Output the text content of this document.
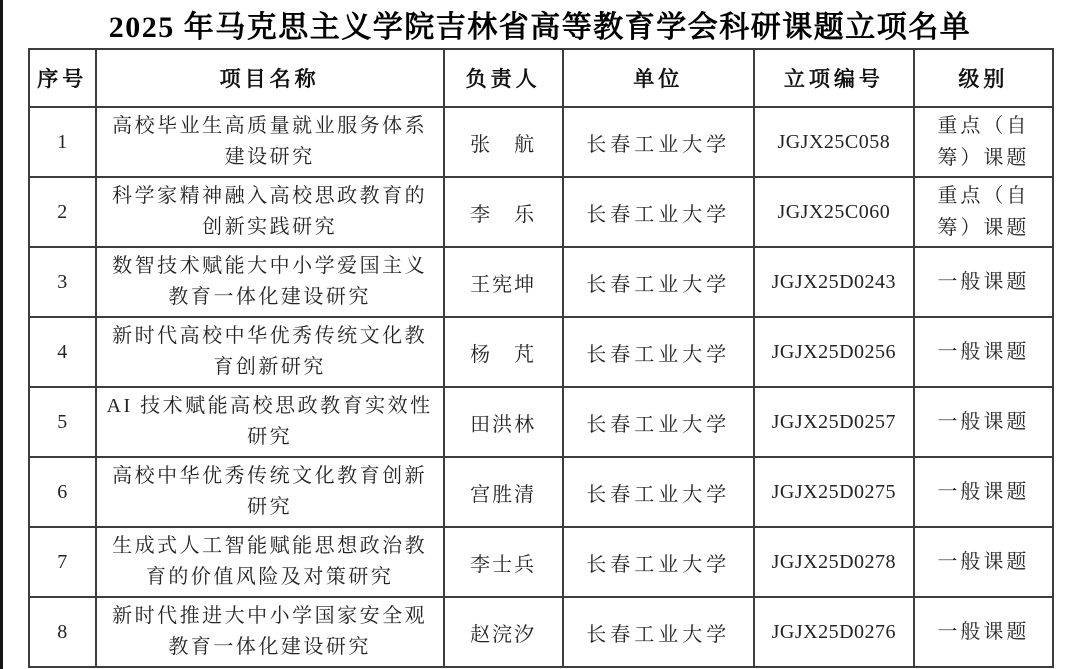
2025 年马克思主义学院吉林省高等教育学会科研课题立项名单
序号	项目名称	负责人	单位	立项编号	级别
1	高校毕业生高质量就业服务体系建设研究	张　航	长春工业大学	JGJX25C058	重点（自筹）课题
2	科学家精神融入高校思政教育的创新实践研究	李　乐	长春工业大学	JGJX25C060	重点（自筹）课题
3	数智技术赋能大中小学爱国主义教育一体化建设研究	王宪坤	长春工业大学	JGJX25D0243	一般课题
4	新时代高校中华优秀传统文化教育创新研究	杨　芃	长春工业大学	JGJX25D0256	一般课题
5	AI 技术赋能高校思政教育实效性研究	田洪林	长春工业大学	JGJX25D0257	一般课题
6	高校中华优秀传统文化教育创新研究	宫胜清	长春工业大学	JGJX25D0275	一般课题
7	生成式人工智能赋能思想政治教育的价值风险及对策研究	李士兵	长春工业大学	JGJX25D0278	一般课题
8	新时代推进大中小学国家安全观教育一体化建设研究	赵浣汐	长春工业大学	JGJX25D0276	一般课题
